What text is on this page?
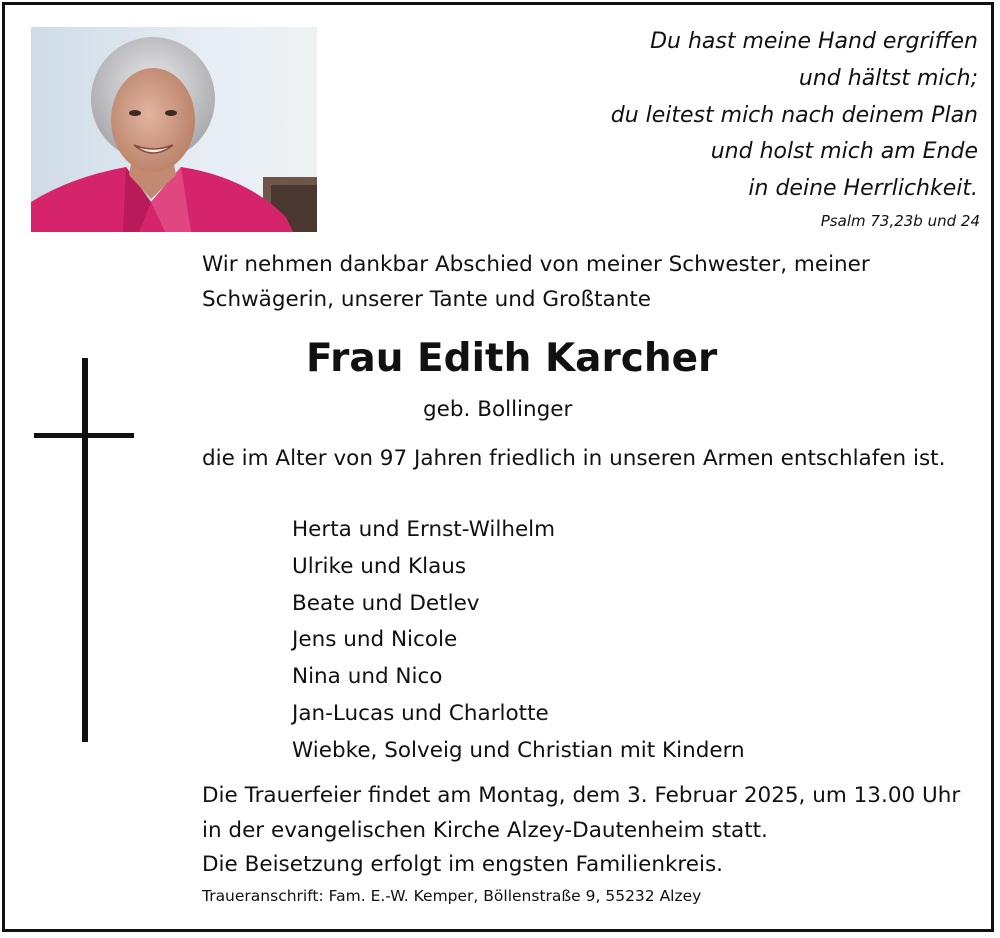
Du hast meine Hand ergriffen
und hältst mich;
du leitest mich nach deinem Plan
und holst mich am Ende
in deine Herrlichkeit.
Psalm 73,23b und 24
Wir nehmen dankbar Abschied von meiner Schwester, meiner
Schwägerin, unserer Tante und Großtante
Frau Edith Karcher
geb. Bollinger
die im Alter von 97 Jahren friedlich in unseren Armen entschlafen ist.
Herta und Ernst-Wilhelm
Ulrike und Klaus
Beate und Detlev
Jens und Nicole
Nina und Nico
Jan-Lucas und Charlotte
Wiebke, Solveig und Christian mit Kindern
Die Trauerfeier findet am Montag, dem 3. Februar 2025, um 13.00 Uhr
in der evangelischen Kirche Alzey-Dautenheim statt.
Die Beisetzung erfolgt im engsten Familienkreis.
Traueranschrift: Fam. E.-W. Kemper, Böllenstraße 9, 55232 Alzey
